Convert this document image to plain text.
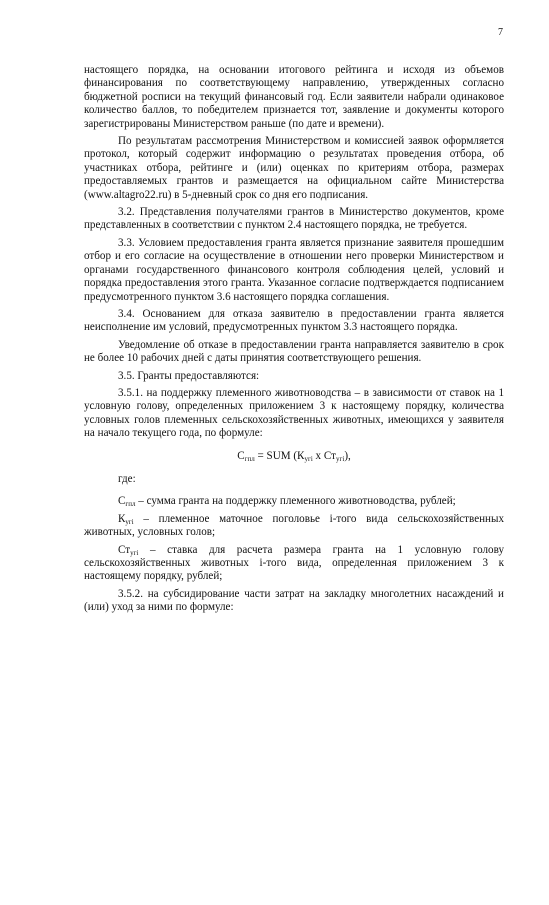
7

настоящего порядка, на основании итогового рейтинга и исходя из объемов финансирования по соответствующему направлению, утвержденных согласно бюджетной росписи на текущий финансовый год. Если заявители набрали одинаковое количество баллов, то победителем признается тот, заявление и документы которого зарегистрированы Министерством раньше (по дате и времени).

По результатам рассмотрения Министерством и комиссией заявок оформляется протокол, который содержит информацию о результатах проведения отбора, об участниках отбора, рейтинге и (или) оценках по критериям отбора, размерах предоставляемых грантов и размещается на официальном сайте Министерства (www.altagro22.ru) в 5-дневный срок со дня его подписания.

3.2. Представления получателями грантов в Министерство документов, кроме представленных в соответствии с пунктом 2.4 настоящего порядка, не требуется.

3.3. Условием предоставления гранта является признание заявителя прошедшим отбор и его согласие на осуществление в отношении него проверки Министерством и органами государственного финансового контроля соблюдения целей, условий и порядка предоставления этого гранта. Указанное согласие подтверждается подписанием предусмотренного пунктом 3.6 настоящего порядка соглашения.

3.4. Основанием для отказа заявителю в предоставлении гранта является неисполнение им условий, предусмотренных пунктом 3.3 настоящего порядка.

Уведомление об отказе в предоставлении гранта направляется заявителю в срок не более 10 рабочих дней с даты принятия соответствующего решения.

3.5. Гранты предоставляются:

3.5.1. на поддержку племенного животноводства – в зависимости от ставок на 1 условную голову, определенных приложением 3 к настоящему порядку, количества условных голов племенных сельскохозяйственных животных, имеющихся у заявителя на начало текущего года, по формуле:

$С_{гпл}$ = SUM ($К_{угi}$ х $Ст_{угi}$),

где:

$С_{гпл}$ – сумма гранта на поддержку племенного животноводства, рублей;

$К_{угi}$ – племенное маточное поголовье i-того вида сельскохозяйственных животных, условных голов;

$Ст_{угi}$ – ставка для расчета размера гранта на 1 условную голову сельскохозяйственных животных i-того вида, определенная приложением 3 к настоящему порядку, рублей;

3.5.2. на субсидирование части затрат на закладку многолетних насаждений и (или) уход за ними по формуле:
